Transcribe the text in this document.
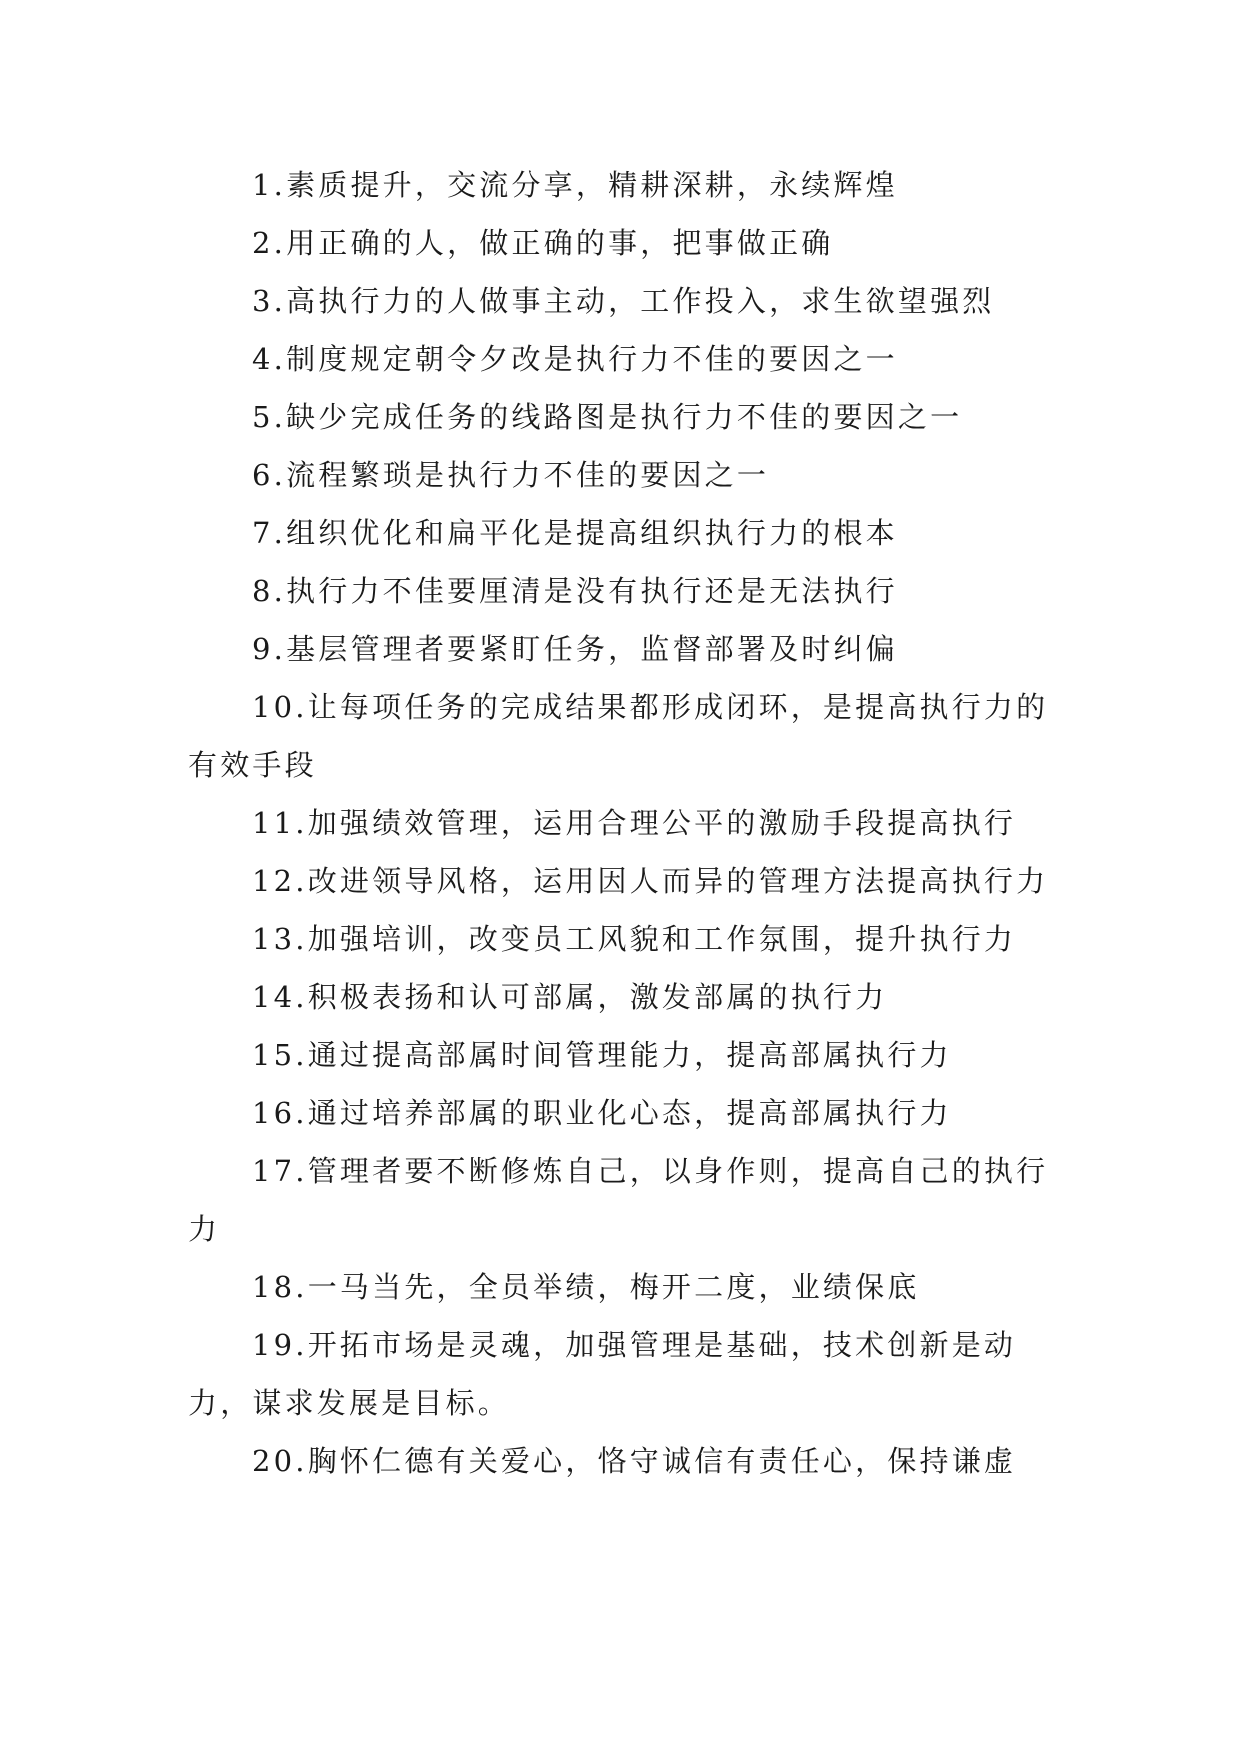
1.素质提升，交流分享，精耕深耕，永续辉煌

2.用正确的人，做正确的事，把事做正确

3.高执行力的人做事主动，工作投入，求生欲望强烈

4.制度规定朝令夕改是执行力不佳的要因之一

5.缺少完成任务的线路图是执行力不佳的要因之一

6.流程繁琐是执行力不佳的要因之一

7.组织优化和扁平化是提高组织执行力的根本

8.执行力不佳要厘清是没有执行还是无法执行

9.基层管理者要紧盯任务，监督部署及时纠偏

10.让每项任务的完成结果都形成闭环，是提高执行力的有效手段

11.加强绩效管理，运用合理公平的激励手段提高执行

12.改进领导风格，运用因人而异的管理方法提高执行力

13.加强培训，改变员工风貌和工作氛围，提升执行力

14.积极表扬和认可部属，激发部属的执行力

15.通过提高部属时间管理能力，提高部属执行力

16.通过培养部属的职业化心态，提高部属执行力

17.管理者要不断修炼自己，以身作则，提高自己的执行力

18.一马当先，全员举绩，梅开二度，业绩保底

19.开拓市场是灵魂，加强管理是基础，技术创新是动力，谋求发展是目标。

20.胸怀仁德有关爱心，恪守诚信有责任心，保持谦虚
